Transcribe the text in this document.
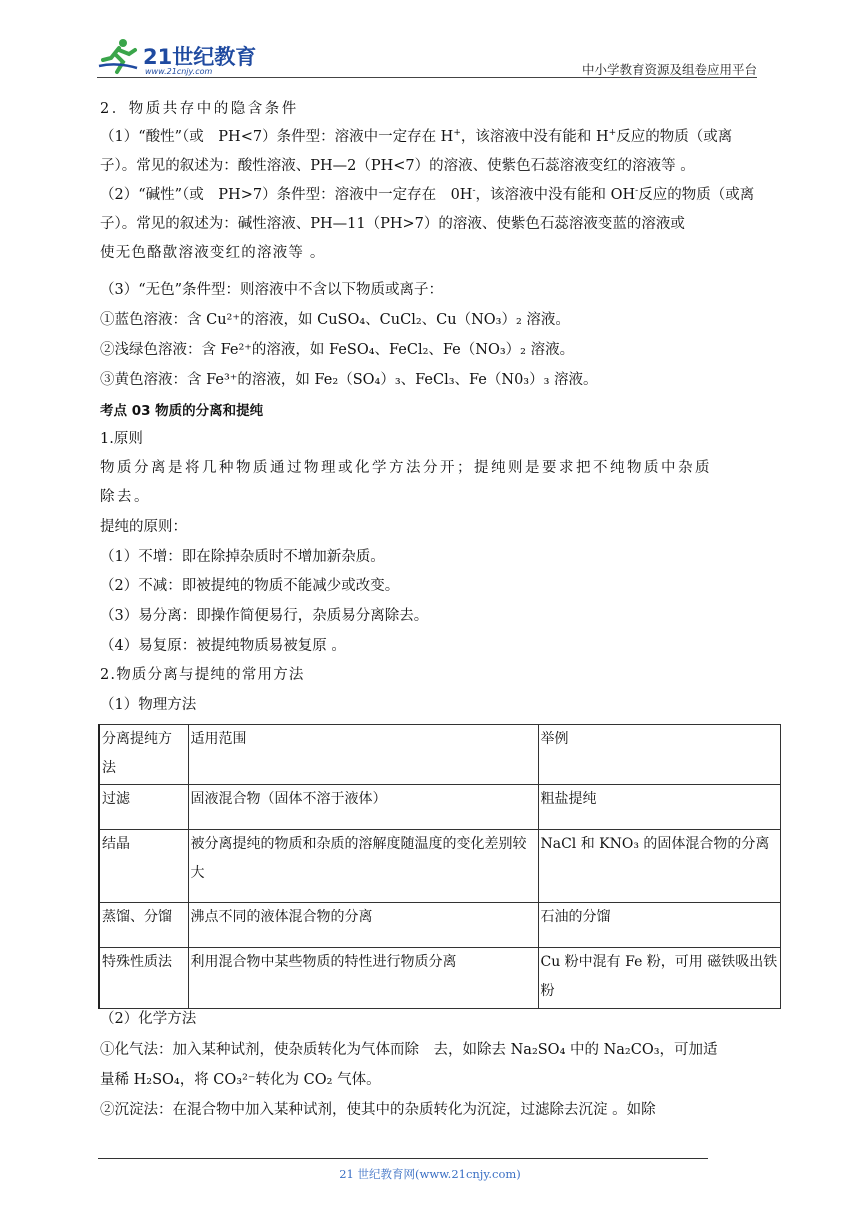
21世纪教育
www.21cnjy.com	中小学教育资源及组卷应用平台
2．物质共存中的隐含条件
（1）“酸性”（或　PH<7）条件型：溶液中一定存在 H+，该溶液中没有能和 H+反应的物质（或离
子）。常见的叙述为：酸性溶液、PH—2（PH<7）的溶液、使紫色石蕊溶液变红的溶液等 。
（2）“碱性”（或　PH>7）条件型：溶液中一定存在　0H-，该溶液中没有能和 OH-反应的物质（或离
子）。常见的叙述为：碱性溶液、PH—11（PH>7）的溶液、使紫色石蕊溶液变蓝的溶液或
使无色酪歖溶液变红的溶液等 。
（3）“无色”条件型：则溶液中不含以下物质或离子：
①蓝色溶液：含 Cu²⁺的溶液，如 CuSO₄、CuCl₂、Cu（NO₃）₂ 溶液。
②浅绿色溶液：含 Fe²⁺的溶液，如 FeSO₄、FeCl₂、Fe（NO₃）₂ 溶液。
③黄色溶液：含 Fe³⁺的溶液，如 Fe₂（SO₄）₃、FeCl₃、Fe（N0₃）₃ 溶液。
考点 03 物质的分离和提纯
1.原则
物质分离是将几种物质通过物理或化学方法分开；提纯则是要求把不纯物质中杂质
除去。
提纯的原则：
（1）不增：即在除掉杂质时不增加新杂质。
（2）不减：即被提纯的物质不能减少或改变。
（3）易分离：即操作简便易行，杂质易分离除去。
（4）易复原：被提纯物质易被复原 。
2.物质分离与提纯的常用方法
（1）物理方法
分离提纯方法	适用范围	举例
过滤	固液混合物（固体不溶于液体）	粗盐提纯
结晶	被分离提纯的物质和杂质的溶解度随温度的变化差别较大	NaCl 和 KNO₃ 的固体混合物的分离
蒸馏、分馏	沸点不同的液体混合物的分离	石油的分馏
特殊性质法	利用混合物中某些物质的特性进行物质分离	Cu 粉中混有 Fe 粉，可用 磁铁吸出铁粉
（2）化学方法
①化气法：加入某种试剂，使杂质转化为气体而除　去，如除去 Na₂SO₄ 中的 Na₂CO₃，可加适
量稀 H₂SO₄，将 CO₃²⁻转化为 CO₂ 气体。
②沉淀法：在混合物中加入某种试剂，使其中的杂质转化为沉淀，过滤除去沉淀 。如除
21 世纪教育网(www.21cnjy.com)
